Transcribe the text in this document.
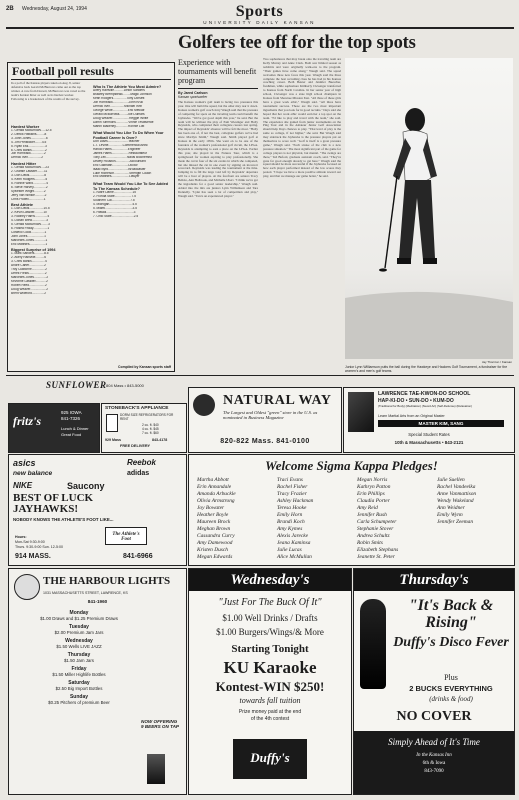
2B Wednesday, August 24, 1994	Sports
UNIVERSITY DAILY KANSAN
Football poll results
In a poll of the Kansas players taken on Aug. 8, senior defensive back Gerald McBurrows came out as the top winner. A vote from Dorsett, McBurrows was voted as the team's hardest hitter as well as its hardest worker. Following is a breakdown of the results of the survey.
Hardest Worker
1. Gerald McBurrows.....12.5
2. Derick Hawkins.........8
3. John Jones.................6
4. Jim Pielsticker........4.5
5. Ryan Ess...................3
6. Chris Banks...............2
Jon Hornback...............2
Derrick Irvin...............2
Hardest Hitter
1. Gerald McBurrows.....23
2. Grantie Lassiter........11
3. Don Davis.................8
4. Keith Rodgers............5
5. Ronnie Ward...............4
6. Steve Harvey..............2
Sylvester Wright...........2
Jerry Van Winkle...........2
Chris Powell.................1
Best Athlete
1. Don Davis................10.5
2. Kevin Lassiter..........10
3. Rodney Harris..............4
4. Dorian Brew................3
5. Gerald McBurrows........3
6. Hosea Friday................1
Costello Good...............1
John Jones...................1
Marcelles Jones.............1
Eric Matthies..................1
Biggest Surprise of 1994
1. Mark Sanders...........8.5
2. Avery Rainville..........6
3. Chris Banks...............4
Andre Carter.................2
Troy Claiborne...............2
Derek Fields..................2
Marcelles Jones..............2
Kevonne Lassiter............2
Robert Reed..................2
Doug Weaver..................2
Brent Willeford..............2
Who Is The Athlete You Most Admire?
Avery Rainville...........Deion Sanders
Brawley Brempstead.........Magic Johnson
Keith Rodgers...............Tony Dorsett
Jon Hornback..................John Kruk
Derrick Irvin................Michael Irvin
George White.................Eric Metcalf
Gerald McBurrows.........Joe Dumars
Doug Weaver...................Reggie White
Darrin Simmons..............Vinnie Testaverde
Martin Blakeney..............Ronnie Lott
What Would You Like To Do When Your Football Career Is Over?
Don Davis.......................Teacher
L.T. Levine................Commercial Artist
Harold Harris..................Engineer
James Harris...................Restaurateur
Tony Zell........................Naval Biochemist
Dewey Houston................Accountant
Eric Galbraith..................Doctor
Isaac Byrd.......................Broadcaster
Luke Richeson.................Strength Coach
Eric Matthies....................Lawyer
What Team Would You Like To See Added To The Kansas Schedule?
1. Notre Dame.....................15
2. Florida State...................7.5
Southern Cal.....................7.5
4. Michigan..........................4.5
5. Miami...............................3.5
6. Hawaii...............................3
7. Ohio State.........................2.5
Compiled by Kansan sports staff
Golfers tee off for the top spots
Experience with tournaments will benefit program
By Jared Carlson
Kansan sportswriter
The Kansas women's golf team is facing two pressures this year. One will build the squad, but the other may tear it down. Kansas women's golf coach Jerry Waugh said that the pressure of competing for spots on the traveling team could benefit the Jayhawks. "We've got good depth this year," he said. But the team will be without the play of Pam Wiesinger and Holly Reynolds, who completed their collegiate careers last spring. The impact of Reynolds' absence will be felt the most. "Holly has been one of, if not the best, collegiate golfers we've had since Marilyn Smith," Waugh said. Smith played golf at Kansas in the early 1950s. She went on to be one of the founders of the women's professional golf circuit, the LPGA. Reynolds is attempting to earn a place on the LPGA. Earlier this year, she played in the Futures Tour, which is a springboard for women aspiring to play professionally. She made the cut in four of the six events in which she competed, but she missed the cut in one event by signing an incorrect scorecard. Reynolds was leading the tournament at the time. Jumping in to fill the large void left by Reynolds' departure will be a host of players. At the forefront are seniors Tracy Belisle, Ann Holbrook, and Michelle Ubert. "I think we've got the ingredients for a good senior leadership," Waugh said. Added into the mix are juniors Lynn Williamson and Tara Donnelly. "Lynn has seen a lot of competition and play," Waugh said. "Tara's an experienced player."
Two sophomores that may break onto the traveling team are Kelly Murray and Anne Clark. Both saw limited season as redshirts and were originally walk-ons to the program. "Their games have come along," Waugh said. The squad welcomes three new faces this year. Waugh said the three complete the best recruiting class he has had in his Kansas coaching career. Beth Beuter and Jennifer Buescher, freshmen, while sophomore Kimberly Clevenger transferred to Kansas from North Carolina. In her senior year of high school, Clevenger was a state high school champion in Kansas from Shawnee Mission East. "All three of these girls have a great work ethic," Waugh said. "All three have tournament success. Those are the two most important ingredients that you look for in good recruits." Days said she hoped that her work ethic would earn her a top spot on the team. "I'd like to play and travel with the team," she said. The experience she gained from junior tournaments on the Ping Tour and in the Amateur Junior Golf Association should help Days chances to play. "That level of play is the same as college, if not higher," she said. But Waugh said may sidetrack the Jayhawks is the pressure players put on themselves to score well. "Golf is itself is a great pressure game," Waugh said. "Each stroke of the club is a new pressure situation." The most significant part of the game for college players is not physical, but mental. "The swings are there," Ted Buford, graduate assistant coach, said. "They've gone far good enough already to get here." Waugh said the squad should be more successful if the Jayhawks focused on how each player performed instead of the low scores they posted. "I hope we have a more positive attitude toward our play, and that we manage our game better," he said.
Jay Thornton / Kansan
Junior Lynn Williamson putts the ball during the Hawkeye and Hackers Golf Tournament, a fundraiser for the women's and men's golf teams.
SUNFLOWER 804 Mass • 843-5000
fritz's
925 IOWA
841-7326
Lunch & Dinner
Great Food
STONEBACK'S APPLIANCE
DORM SIZE REFRIGERATORS FOR RENT
2 cu. ft. $40
4 cu. ft. $45
7 cu. ft. $60
929 Mass	843-4178
FREE DELIVERY
NATURAL WAY
The Largest and Oldest "green" store in the U.S. as nominated in Business Magazine
820-822 Mass. 841-0100
LAWRENCE TAE-KWON-DO SCHOOL
HAP-KI-DO • SUN-DO • KUM-DO
(Traditional for Body) (Meditation) (Sword Art) (Self-Defense) (Relaxation)
Learn Martial Arts from an Original Master
MASTER KIM, SANG
Special Student Rates
10th & Massachusetts • 843-2121
asics	Reebok
new balance	adidas
NIKE	Saucony
BEST OF LUCK JAYHAWKS!
NOBODY KNOWS THE ATHLETE'S FOOT LIKE...
The Athlete's Foot
Hours:
Mon-Sat 9:30-9:00
Thurs. 9:30-9:00 Sun. 12-5:00
914 MASS.	841-6966
Welcome Sigma Kappa Pledges!
Martha Abbott
Erin Annandale
Amanda Arbuckle
Olivia Armstrong
Joy Bowater
Heather Boyle
Maureen Brock
Meghan Brown
Cassandra Curry
Amy Damewood
Kristen Dusch
Megan Edwards
Traci Evans
Rachel Fisher
Tracy Frazier
Ashley Hackman
Teresa Hooke
Emily Horn
Brandi Koch
Amy Kymes
Alexis Jarecke
Jeana Kaminsa
Julie Lucas
Alice McMullan
Megan Norris
Kathryn Patton
Erin Phillips
Claudia Porter
Amy Reid
Jennifer Rush
Carla Schumpeter
Stephanie Stover
Andrea Schultz
Robin Smits
Elizabeth Stephans
Jeanette St. Peter
Julie Suellen
Rachel Vandeelka
Anne Vanmattison
Wendy Wakeland
Ann Weidner
Emily Wynn
Jennifer Zeeman
THE HARBOUR LIGHTS
1031 MASSACHUSETTS STREET, LAWRENCE, KS
841-1960
Monday
$1.00 Draws and $1.25 Premium Draws
Tuesday
$2.00 Premium Jam Jars
Wednesday
$1.50 Wells LIVE JAZZ
Thursday
$1.50 Jam Jars
Friday
$1.50 Miller Highlife Bottles
Saturday
$2.50 Big Import Bottles
Sunday
$0.25 Pitchers of premium Beer
NOW OFFERING 9 BEERS ON TAP
Wednesday's
"Just For The Buck Of It"
$1.00 Well Drinks / Drafts
$1.00 Burgers/Wings/& More
Starting Tonight
KU Karaoke
Kontest-WIN $250!
towards fall tuition
Prize money paid at the end
of the 4th contest
Duffy's
Thursday's
"It's Back & Rising"
Duffy's Disco Fever
Plus
2 BUCKS EVERYTHING
(drinks & food)
NO COVER
Simply Ahead of It's Time
In the Kansas Inn
6th & Iowa
843-7090
